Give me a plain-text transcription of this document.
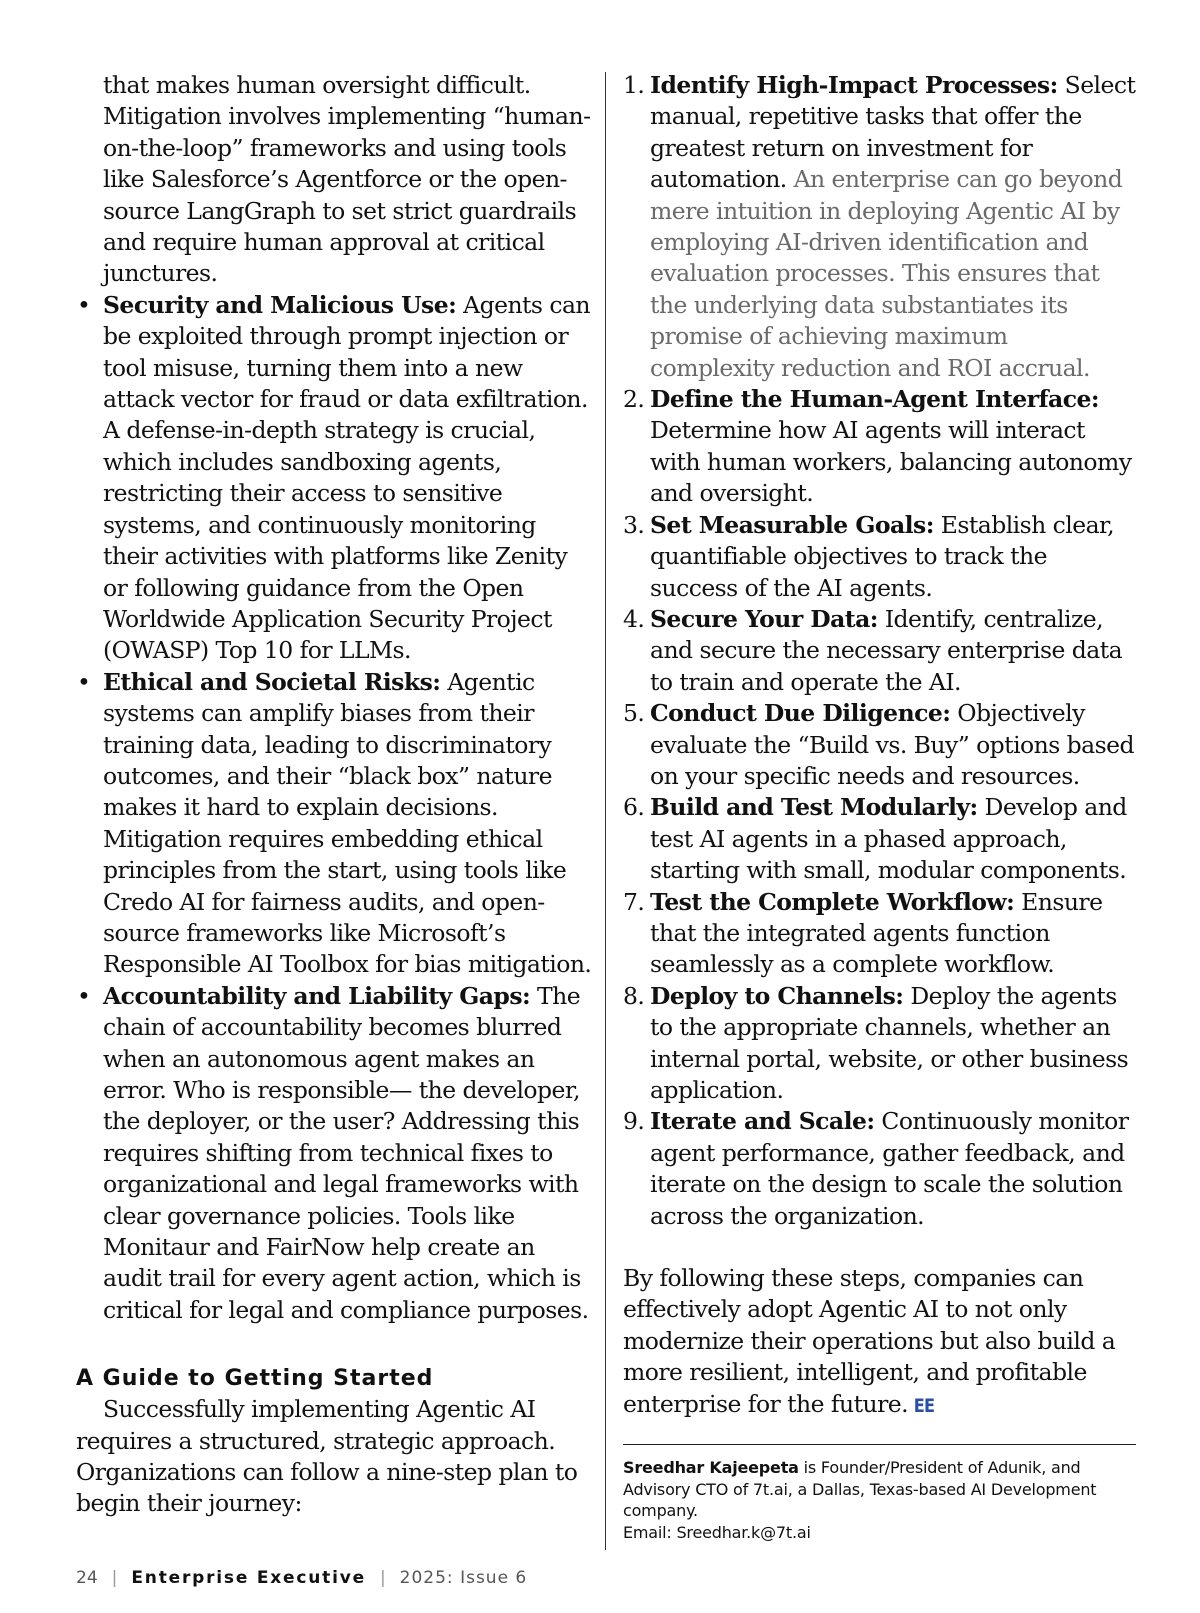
that makes human oversight difficult. Mitigation involves implementing “human-on-the-loop” frameworks and using tools like Salesforce’s Agentforce or the open-source LangGraph to set strict guardrails and require human approval at critical junctures.

• Security and Malicious Use: Agents can be exploited through prompt injection or tool misuse, turning them into a new attack vector for fraud or data exfiltration. A defense-in-depth strategy is crucial, which includes sandboxing agents, restricting their access to sensitive systems, and continuously monitoring their activities with platforms like Zenity or following guidance from the Open Worldwide Application Security Project (OWASP) Top 10 for LLMs.
• Ethical and Societal Risks: Agentic systems can amplify biases from their training data, leading to discriminatory outcomes, and their “black box” nature makes it hard to explain decisions. Mitigation requires embedding ethical principles from the start, using tools like Credo AI for fairness audits, and open-source frameworks like Microsoft’s Responsible AI Toolbox for bias mitigation.
• Accountability and Liability Gaps: The chain of accountability becomes blurred when an autonomous agent makes an error. Who is responsible— the developer, the deployer, or the user? Addressing this requires shifting from technical fixes to organizational and legal frameworks with clear governance policies. Tools like Monitaur and FairNow help create an audit trail for every agent action, which is critical for legal and compliance purposes.
A Guide to Getting Started

Successfully implementing Agentic AI requires a structured, strategic approach. Organizations can follow a nine-step plan to begin their journey:

1. Identify High-Impact Processes: Select manual, repetitive tasks that offer the greatest return on investment for automation. An enterprise can go beyond mere intuition in deploying Agentic AI by employing AI-driven identification and evaluation processes. This ensures that the underlying data substantiates its promise of achieving maximum complexity reduction and ROI accrual.
2. Define the Human-Agent Interface: Determine how AI agents will interact with human workers, balancing autonomy and oversight.
3. Set Measurable Goals: Establish clear, quantifiable objectives to track the success of the AI agents.
4. Secure Your Data: Identify, centralize, and secure the necessary enterprise data to train and operate the AI.
5. Conduct Due Diligence: Objectively evaluate the “Build vs. Buy” options based on your specific needs and resources.
6. Build and Test Modularly: Develop and test AI agents in a phased approach, starting with small, modular components.
7. Test the Complete Workflow: Ensure that the integrated agents function seamlessly as a complete workflow.
8. Deploy to Channels: Deploy the agents to the appropriate channels, whether an internal portal, website, or other business application.
9. Iterate and Scale: Continuously monitor agent performance, gather feedback, and iterate on the design to scale the solution across the organization.

By following these steps, companies can effectively adopt Agentic AI to not only modernize their operations but also build a more resilient, intelligent, and profitable enterprise for the future. EE

Sreedhar Kajeepeta is Founder/President of Adunik, and Advisory CTO of 7t.ai, a Dallas, Texas-based AI Development company.
Email: Sreedhar.k@7t.ai

24 | Enterprise Executive | 2025: Issue 6
